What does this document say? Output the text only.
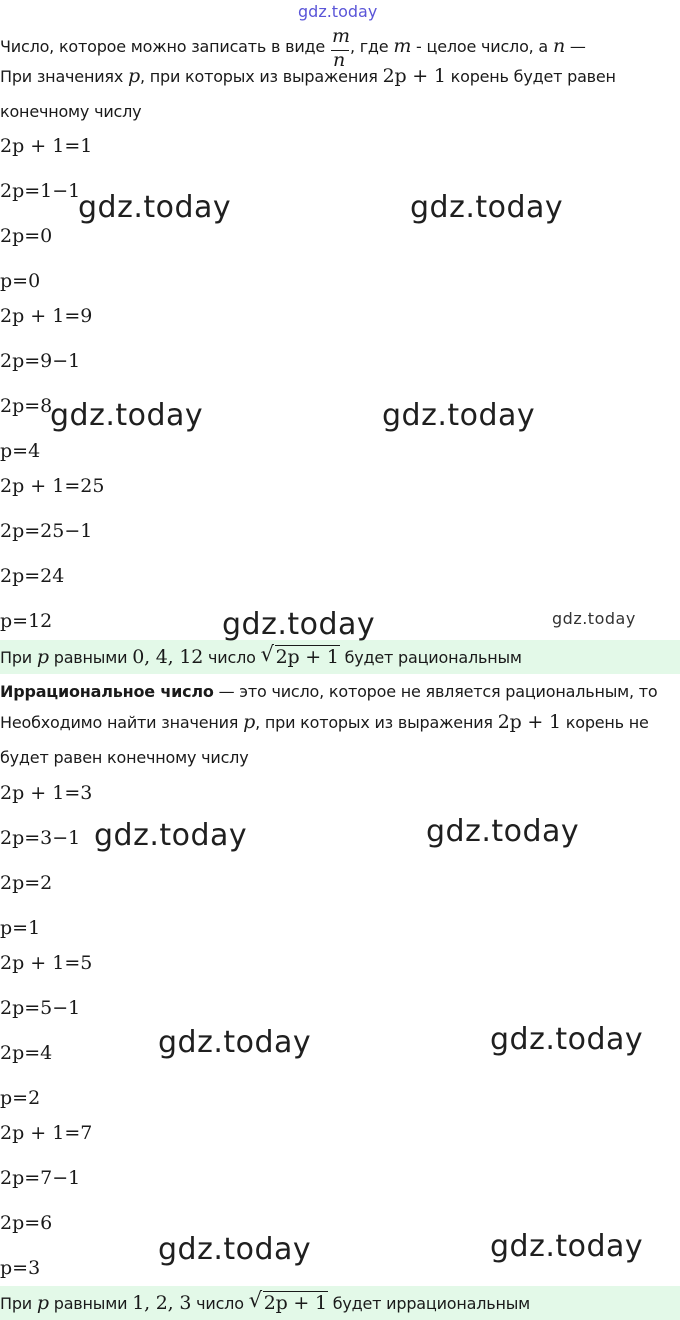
gdz.today
Число, которое можно записать в виде $\frac{m}{n}$ , где m - целое число, а n —
При значениях p, при которых из выражения 2p + 1 корень будет равен
конечному числу
2p + 1=1
2p=1−1
2p=0
p=0
2p + 1=9
2p=9−1
2p=8
p=4
2p + 1=25
2p=25−1
2p=24
p=12
При p равными 0, 4, 12 число √ 2p + 1 будет рациональным
Иррациональное число — это число, которое не является рациональным, то
Необходимо найти значения p, при которых из выражения 2p + 1 корень не
будет равен конечному числу
2p + 1=3
2p=3−1
2p=2
p=1
2p + 1=5
2p=5−1
2p=4
p=2
2p + 1=7
2p=7−1
2p=6
p=3
При p равными 1, 2, 3 число √ 2p + 1 будет иррациональным
gdz.today	gdz.today
gdz.today	gdz.today
gdz.today	gdz.today
gdz.today	gdz.today
gdz.today	gdz.today
gdz.today	gdz.today
